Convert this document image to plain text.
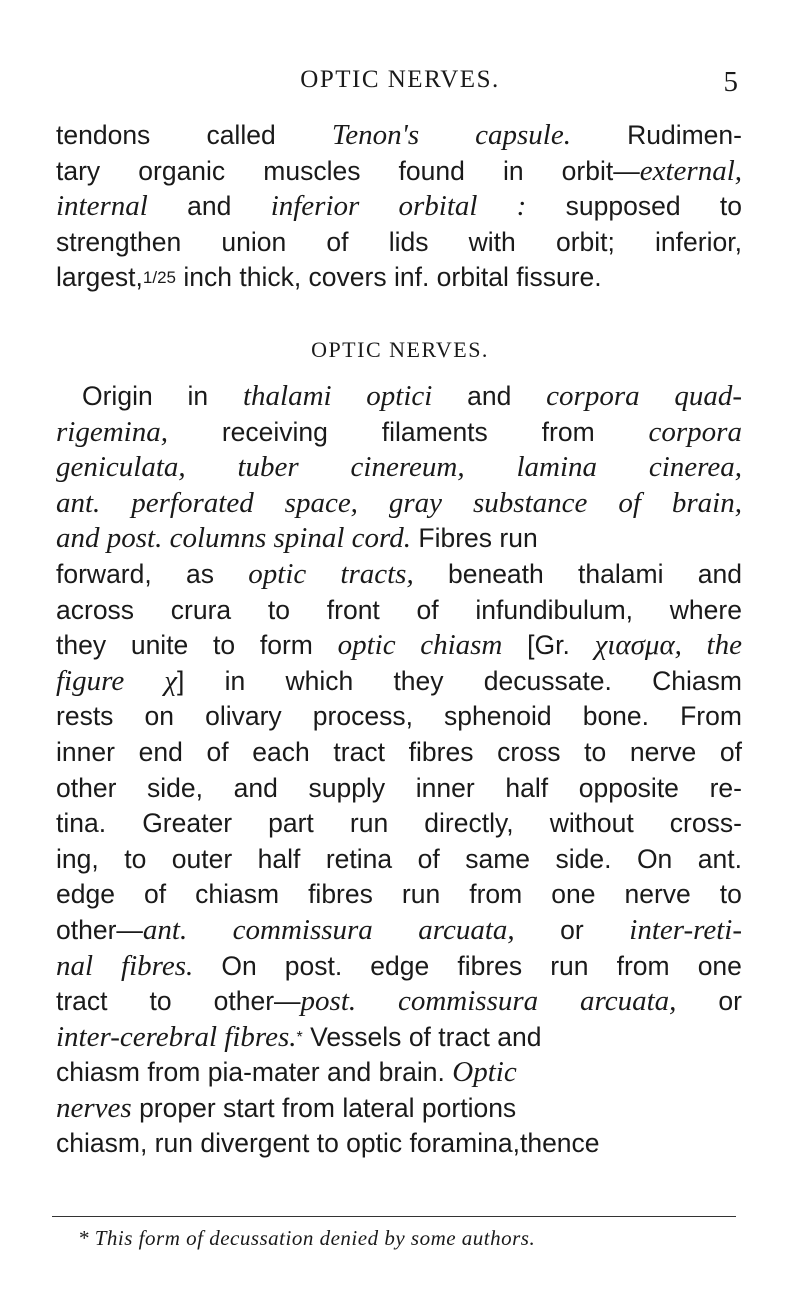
OPTIC NERVES.	5
tendons
called
Tenon's
capsule.
Rudimen-
tary
organic
muscles
found
in
orbit— external,
internal
and
inferior
orbital
:
supposed
to
strengthen
union
of
lids
with
orbit;
inferior,
largest, 1/25 inch thick, covers inf. orbital fissure.
OPTIC NERVES.
Origin
in
thalami
optici
and
corpora
quad-
rigemina,
receiving
filaments
from
corpora
geniculata,
tuber
cinereum,
lamina
cinerea,
ant.
perforated
space,
gray
substance
of
brain,
and
post.
columns
spinal
cord.
Fibres
run
forward,
as
optic
tracts,
beneath
thalami
and
across
crura
to
front
of
infundibulum,
where
they
unite
to
form
optic
chiasm
[Gr.
χιασμα,
the
figure
χ ]
in
which
they
decussate.
Chiasm
rests
on
olivary
process,
sphenoid
bone.
From
inner
end
of
each
tract
fibres
cross
to
nerve
of
other
side,
and
supply
inner
half
opposite
re-
tina.
Greater
part
run
directly,
without
cross-
ing,
to
outer
half
retina
of
same
side.
On
ant.
edge
of
chiasm
fibres
run
from
one
nerve
to
other— ant.
commissura
arcuata,
or
inter-reti-
nal
fibres.
On
post.
edge
fibres
run
from
one
tract
to
other— post.
commissura
arcuata,
or
inter-cerebral
fibres. *
Vessels
of
tract
and
chiasm
from
pia-mater
and
brain.
Optic
nerves
proper
start
from
lateral
portions
chiasm, run divergent to optic foramina,thence
* This form of decussation denied by some authors.
